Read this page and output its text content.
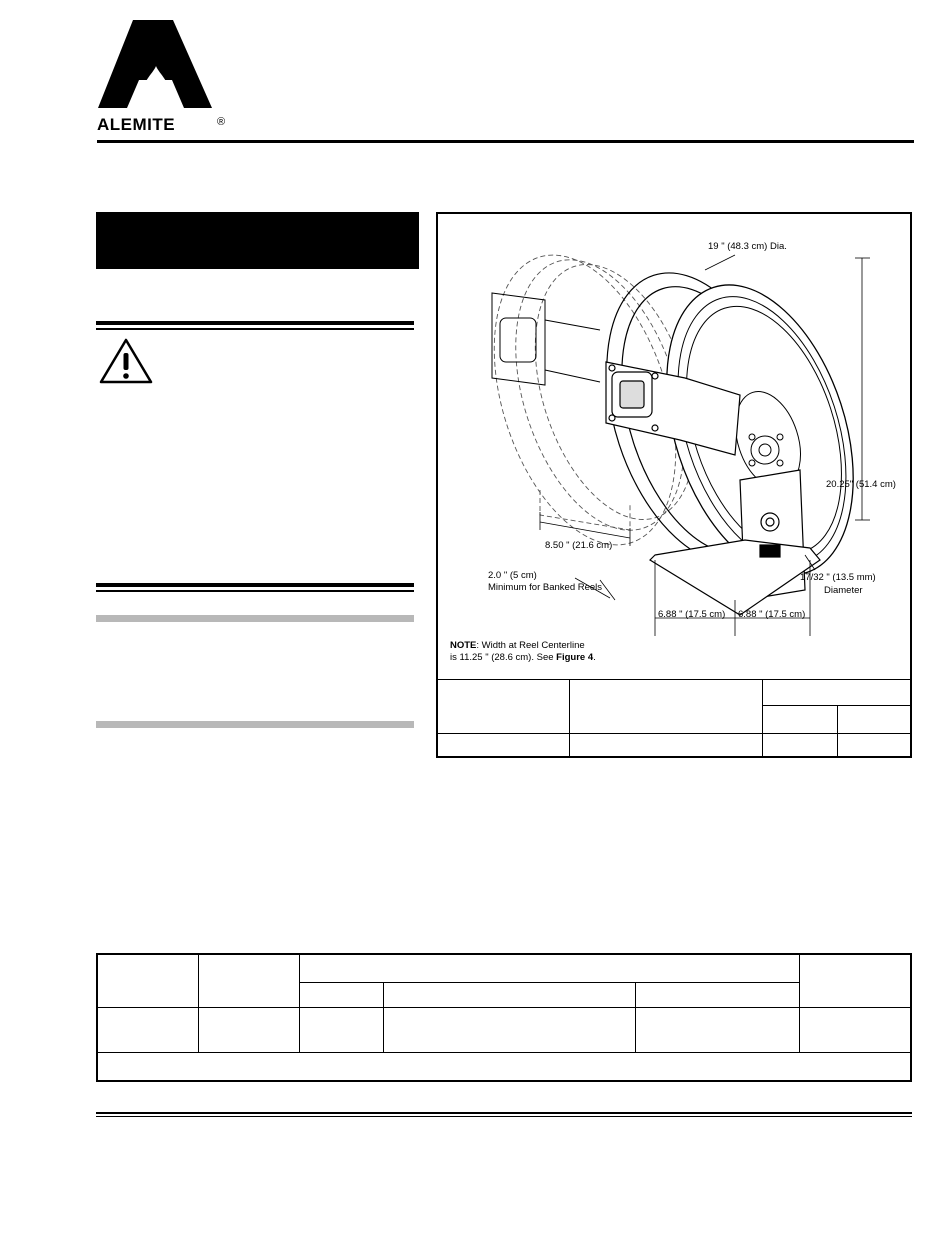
ALEMITE	®
19 " (48.3 cm) Dia.
20.25" (51.4 cm)
8.50 " (21.6 cm)
2.0 " (5 cm)
Minimum for Banked Reels
17/32 " (13.5 mm)
Diameter
6.88 " (17.5 cm) 6.88 " (17.5 cm)
NOTE: Width at Reel Centerline
is 11.25 " (28.6 cm). See Figure 4.
